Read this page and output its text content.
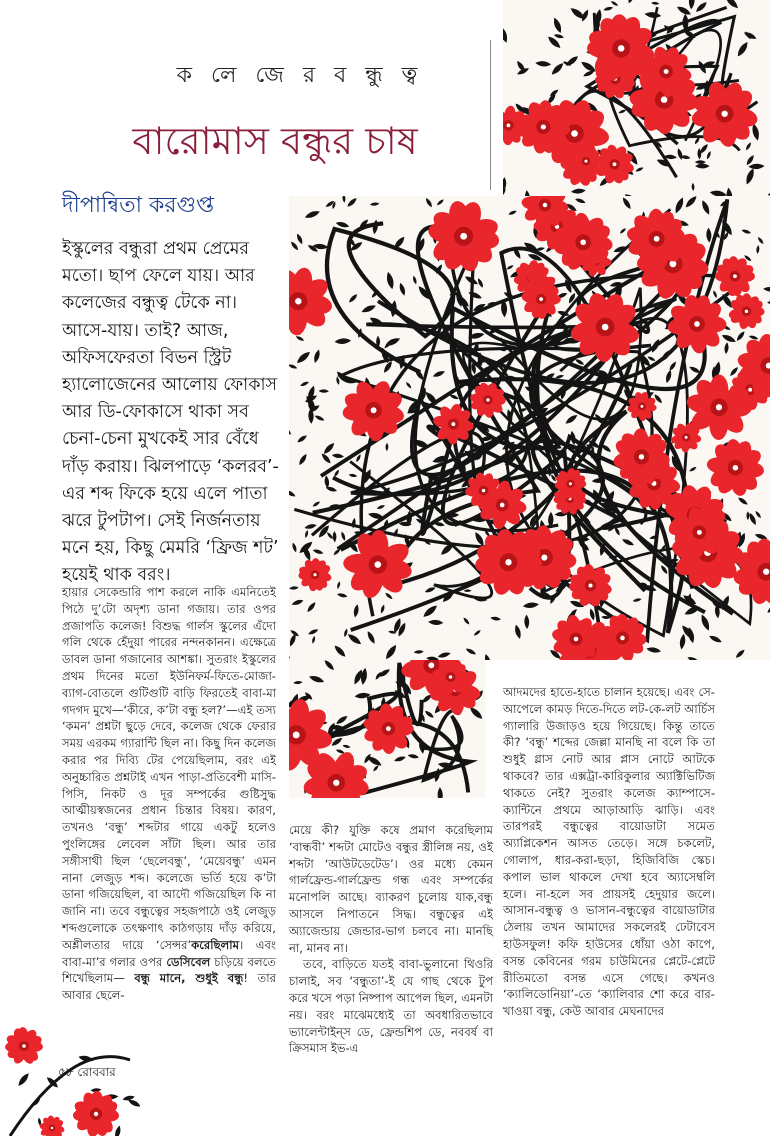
ক লে জে র ব ন্ধু ত্ব
বারোমাস বন্ধুর চাষ
দীপান্বিতা করগুপ্ত

ইস্কুলের বন্ধুরা প্রথম প্রেমের মতো। ছাপ ফেলে যায়। আর কলেজের বন্ধুত্ব টেকে না। আসে-যায়। তাই? আজ, অফিসফেরতা বিভন স্ট্রিট হ্যালোজেনের আলোয় ফোকাস আর ডি-ফোকাসে থাকা সব চেনা-চেনা মুখকেই সার বেঁধে দাঁড় করায়। ঝিলপাড়ে ‘কলরব’-এর শব্দ ফিকে হয়ে এলে পাতা ঝরে টুপটাপ। সেই নির্জনতায় মনে হয়, কিছু মেমরি ‘ফ্রিজ শট’ হয়েই থাক বরং।

হায়ার সেকেন্ডারি পাশ করলে নাকি এমনিতেই পিঠে দু’টো অদৃশ্য ডানা গজায়। তার ওপর প্রজাপতি কলেজ! বিশুদ্ধ গার্লস স্কুলের এঁদো গলি থেকে হেঁদুয়া পারের নন্দনকানন। এক্ষেত্রে ডাবল ডানা গজানোর আশঙ্কা। সুতরাং ইস্কুলের প্রথম দিনের মতো ইউনিফর্ম-ফিতে-মোজা-ব্যাগ-বোতলে গুটিগুটি বাড়ি ফিরতেই বাবা-মা গদগদ মুখে—‘কীরে, ক’টা বন্ধু হল?’—এই তস্য ‘কমন’ প্রশ্নটা ছুড়ে দেবে, কলেজ থেকে ফেরার সময় এরকম গ্যারান্টি ছিল না। কিছু দিন কলেজ করার পর দিব্যি টের পেয়েছিলাম, বরং এই অনুচ্চারিত প্রশ্নটাই এখন পাড়া-প্রতিবেশী মাসি-পিসি, নিকট ও দূর সম্পর্কের গুষ্টিসুদ্ধ আত্মীয়স্বজনের প্রধান চিন্তার বিষয়। কারণ, তখনও ‘বন্ধু’ শব্দটার গায়ে একটু হলেও পুংলিঙ্গের লেবেল সাঁটা ছিল। আর তার সঙ্গীসাথী ছিল ‘ছেলেবন্ধু’, ‘মেয়েবন্ধু’ এমন নানা লেজুড় শব্দ। কলেজে ভর্তি হয়ে ক’টা ডানা গজিয়েছিল, বা আদৌ গজিয়েছিল কি না জানি না। তবে বন্ধুত্বের সহজপাঠে ওই লেজুড় শব্দগুলোকে তৎক্ষণাৎ কাঠগড়ায় দাঁড় করিয়ে, অশ্লীলতার দায়ে ‘সেন্সর’করেছিলাম। এবং বাবা-মা’র গলার ওপর ডেসিবেল চড়িয়ে বলতে শিখেছিলাম— বন্ধু মানে, শুধুই বন্ধু! তার আবার ছেলে-

মেয়ে কী? যুক্তি কষে প্রমাণ করেছিলাম ‘বান্ধবী’ শব্দটা মোটেও বন্ধুর স্ত্রীলিঙ্গ নয়, ওই শব্দটা ‘আউটডেটেড’। ওর মধ্যে কেমন গার্লফ্রেন্ড-গার্লফ্রেন্ড গন্ধ এবং সম্পর্কের মনোপলি আছে। ব্যাকরণ চুলোয় যাক,বন্ধু আসলে নিপাতনে সিদ্ধ। বন্ধুত্বের এই অ্যাজেন্ডায় জেন্ডার-ভাগ চলবে না। মানছি না, মানব না।

তবে, বাড়িতে যতই বাবা-ভুলানো থিওরি চালাই, সব ‘বন্ধুতা’-ই যে গাছ থেকে টুপ করে খসে পড়া নিষ্পাপ আপেল ছিল, এমনটা নয়। বরং মাঝেমধ্যেই তা অবধারিতভাবে ভ্যালেন্টাইন্‌স ডে, ফ্রেন্ডশিপ ডে, নববর্ষ বা ক্রিসমাস ইভ-এ

আদমদের হাতে-হাতে চালান হয়েছে। এবং সে-আপেলে কামড় দিতে-দিতে লট-কে-লট আর্চিস গ্যালারি উজাড়ও হয়ে গিয়েছে। কিন্তু তাতে কী? ‘বন্ধু’ শব্দের জেল্লা মানছি না বলে কি তা শুধুই গ্লাস নোট আর প্লাস নোটে আটকে থাকবে? তার এক্সট্রা-কারিকুলার অ্যাক্টিভিটিজ থাকতে নেই? সুতরাং কলেজ ক্যাম্পাসে-ক্যান্টিনে প্রথমে আড়াআড়ি ঝাড়ি। এবং তারপরই বন্ধুত্বের বায়োডাটা সমেত অ্যাপ্লিকেশন আসত তেড়ে। সঙ্গে চকলেট, গোলাপ, ধার-করা-ছড়া, হিজিবিজি স্কেচ। কপাল ভাল থাকলে দেখা হবে অ্যাসেম্বলি হলে। না-হলে সব প্রায়সই হেদুয়ার জলে। আসান-বন্ধুত্ব ও ভাসান-বন্ধুত্বের বায়োডাটার ঠেলায় তখন আমাদের সকলেরই ঢেটাবেস হাউসফুল! কফি হাউসের ধোঁয়া ওঠা কাপে, বসন্ত কেবিনের গরম চাউমিনের প্লেটে-প্লেটে রীতিমতো বসন্ত এসে গেছে। কখনও ‘ক্যালিডোনিয়া’-তে ‘ক্যালিবার শো করে বার-খাওয়া বন্ধু, কেউ আবার মেঘনাদের

৫৮ রোববার
